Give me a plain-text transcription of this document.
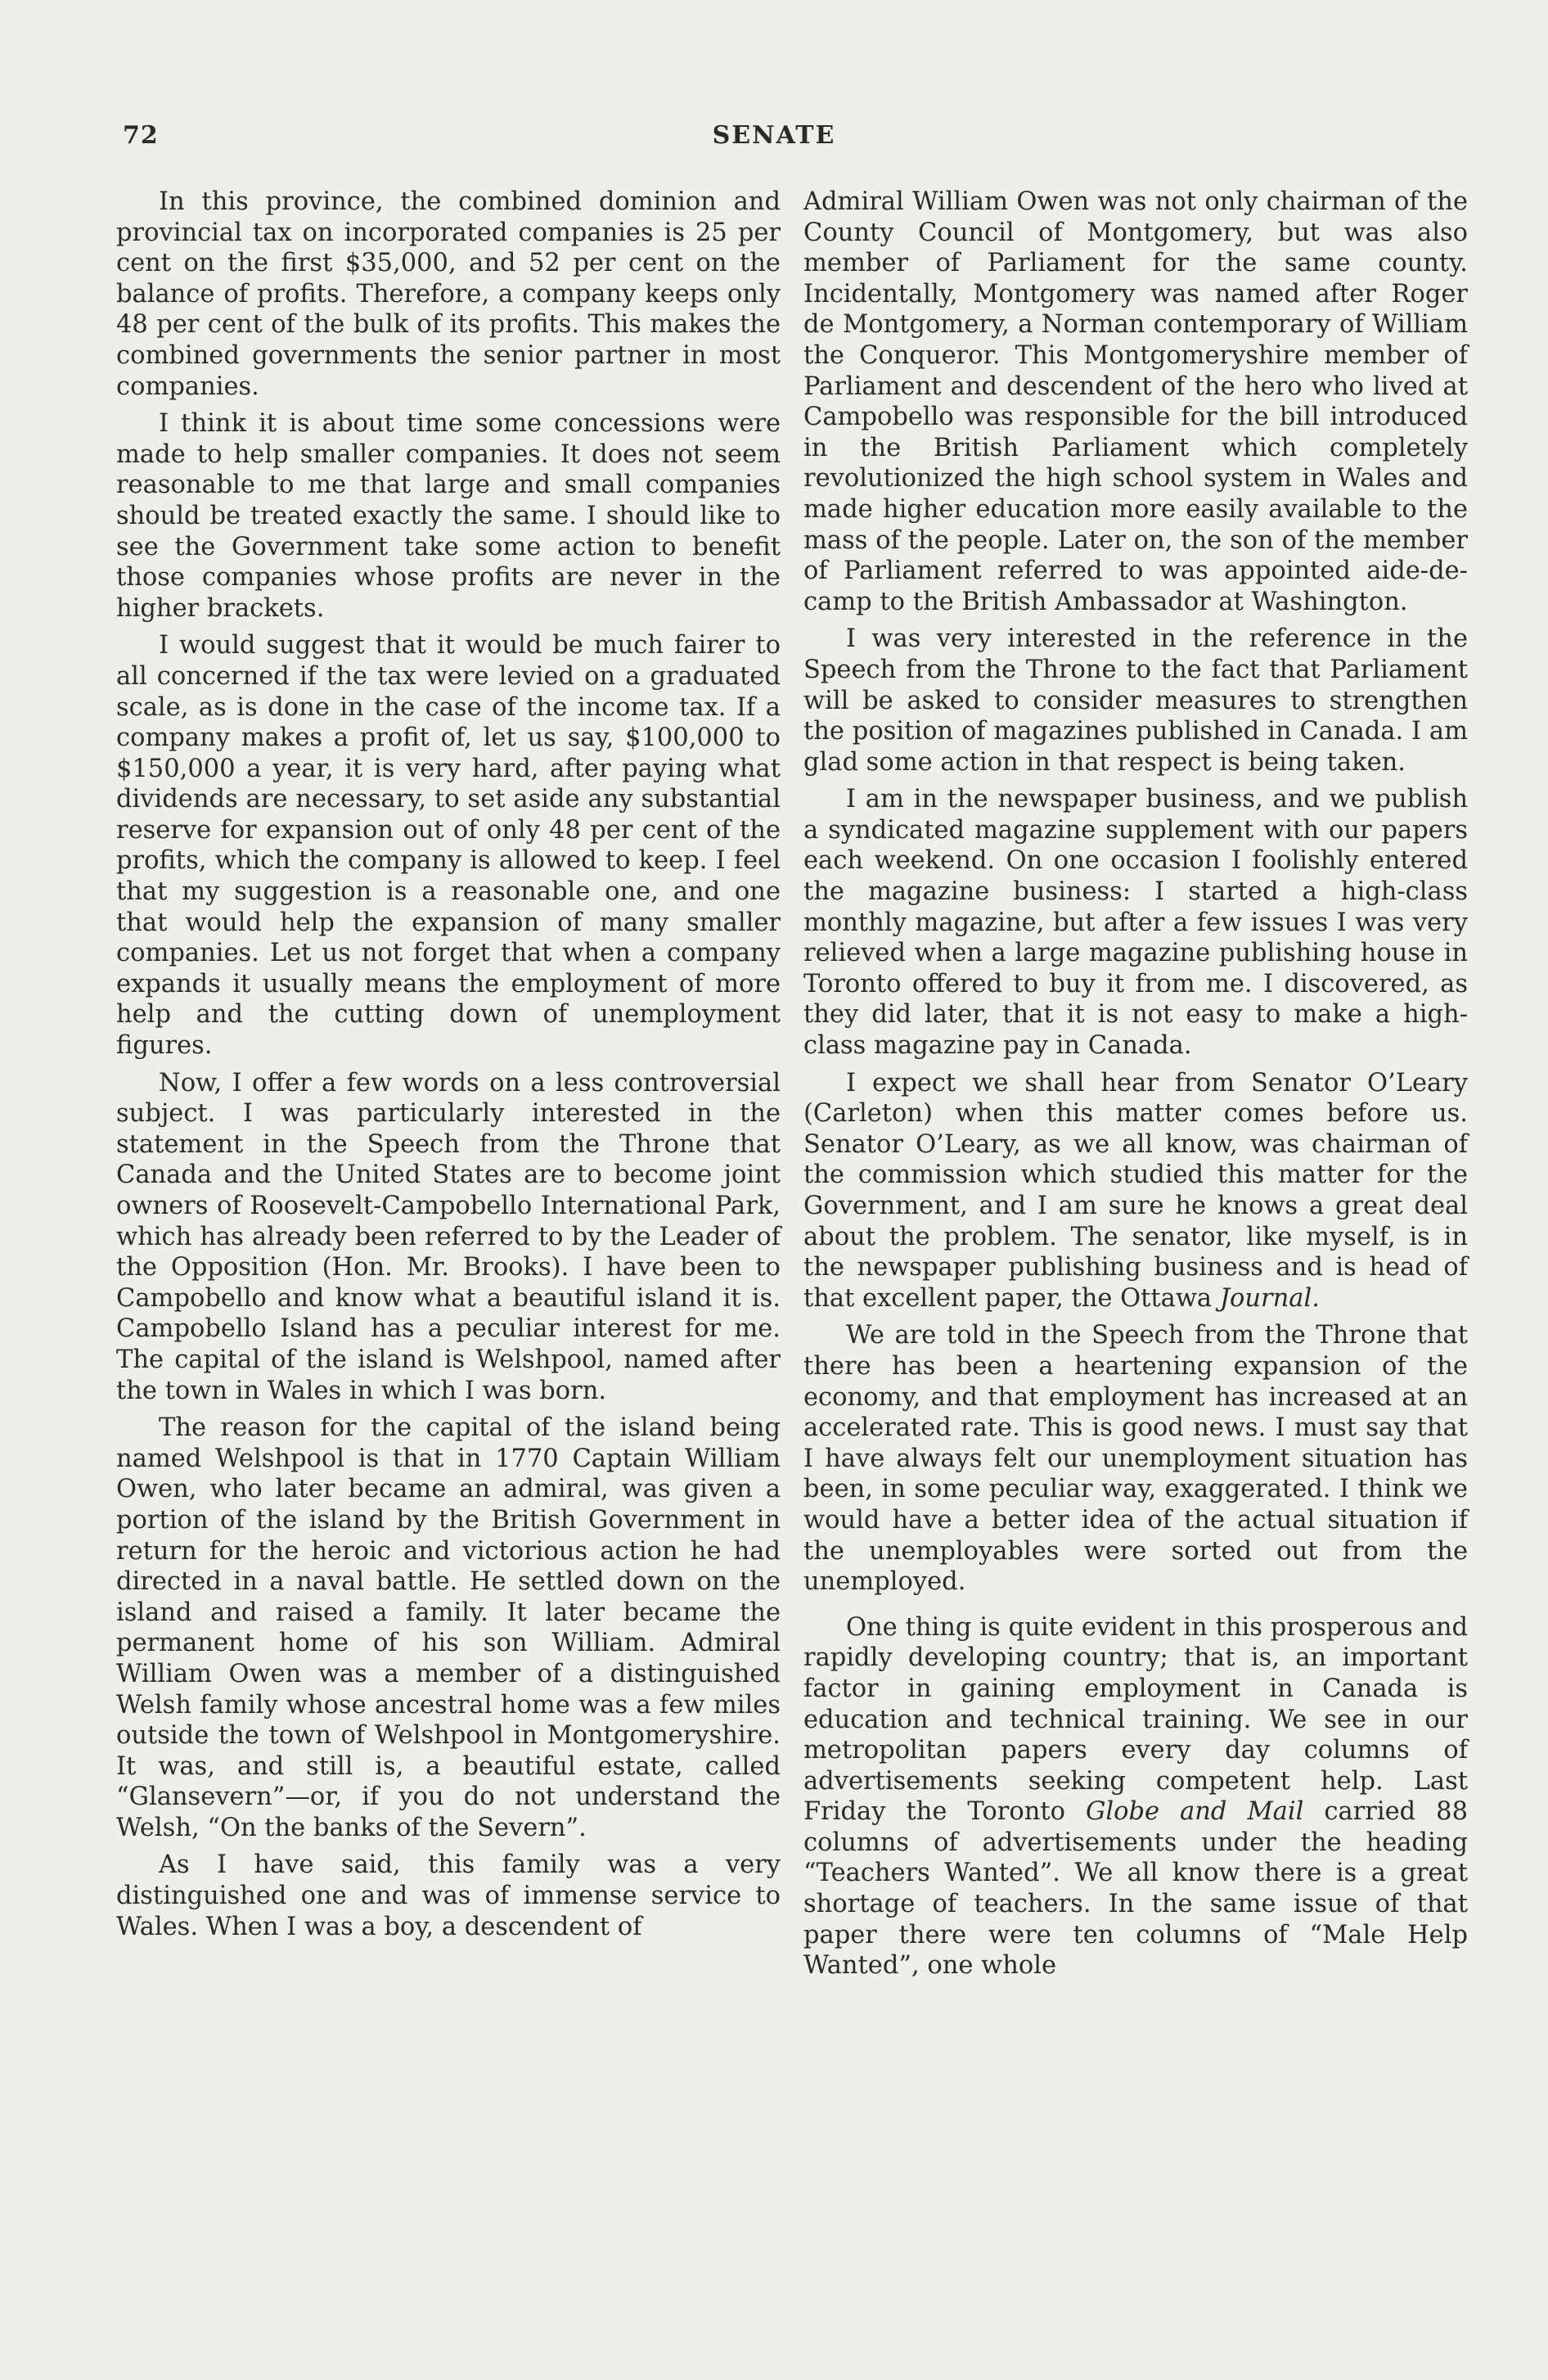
72	SENATE

In this province, the combined dominion and provincial tax on incorporated companies is 25 per cent on the first $35,000, and 52 per cent on the balance of profits. Therefore, a company keeps only 48 per cent of the bulk of its profits. This makes the combined governments the senior partner in most companies.

I think it is about time some concessions were made to help smaller companies. It does not seem reasonable to me that large and small companies should be treated exactly the same. I should like to see the Government take some action to benefit those companies whose profits are never in the higher brackets.

I would suggest that it would be much fairer to all concerned if the tax were levied on a graduated scale, as is done in the case of the income tax. If a company makes a profit of, let us say, $100,000 to $150,000 a year, it is very hard, after paying what dividends are necessary, to set aside any substantial reserve for expansion out of only 48 per cent of the profits, which the company is allowed to keep. I feel that my suggestion is a reasonable one, and one that would help the expansion of many smaller companies. Let us not forget that when a company expands it usually means the employment of more help and the cutting down of unemployment figures.

Now, I offer a few words on a less controversial subject. I was particularly interested in the statement in the Speech from the Throne that Canada and the United States are to become joint owners of Roosevelt-Campobello International Park, which has already been referred to by the Leader of the Opposition (Hon. Mr. Brooks). I have been to Campobello and know what a beautiful island it is. Campobello Island has a peculiar interest for me. The capital of the island is Welshpool, named after the town in Wales in which I was born.

The reason for the capital of the island being named Welshpool is that in 1770 Captain William Owen, who later became an admiral, was given a portion of the island by the British Government in return for the heroic and victorious action he had directed in a naval battle. He settled down on the island and raised a family. It later became the permanent home of his son William. Admiral William Owen was a member of a distinguished Welsh family whose ancestral home was a few miles outside the town of Welshpool in Montgomeryshire. It was, and still is, a beautiful estate, called “Glansevern”—or, if you do not understand the Welsh, “On the banks of the Severn”.

As I have said, this family was a very distinguished one and was of immense service to Wales. When I was a boy, a descendent of

Admiral William Owen was not only chairman of the County Council of Montgomery, but was also member of Parliament for the same county. Incidentally, Montgomery was named after Roger de Montgomery, a Norman contemporary of William the Conqueror. This Montgomeryshire member of Parliament and descendent of the hero who lived at Campobello was responsible for the bill introduced in the British Parliament which completely revolutionized the high school system in Wales and made higher education more easily available to the mass of the people. Later on, the son of the member of Parliament referred to was appointed aide-de-camp to the British Ambassador at Washington.

I was very interested in the reference in the Speech from the Throne to the fact that Parliament will be asked to consider measures to strengthen the position of magazines published in Canada. I am glad some action in that respect is being taken.

I am in the newspaper business, and we publish a syndicated magazine supplement with our papers each weekend. On one occasion I foolishly entered the magazine business: I started a high-class monthly magazine, but after a few issues I was very relieved when a large magazine publishing house in Toronto offered to buy it from me. I discovered, as they did later, that it is not easy to make a high-class magazine pay in Canada.

I expect we shall hear from Senator O’Leary (Carleton) when this matter comes before us. Senator O’Leary, as we all know, was chairman of the commission which studied this matter for the Government, and I am sure he knows a great deal about the problem. The senator, like myself, is in the newspaper publishing business and is head of that excellent paper, the Ottawa Journal.

We are told in the Speech from the Throne that there has been a heartening expansion of the economy, and that employment has increased at an accelerated rate. This is good news. I must say that I have always felt our unemployment situation has been, in some peculiar way, exaggerated. I think we would have a better idea of the actual situation if the unemployables were sorted out from the unemployed.

One thing is quite evident in this prosperous and rapidly developing country; that is, an important factor in gaining employment in Canada is education and technical training. We see in our metropolitan papers every day columns of advertisements seeking competent help. Last Friday the Toronto Globe and Mail carried 88 columns of advertisements under the heading “Teachers Wanted”. We all know there is a great shortage of teachers. In the same issue of that paper there were ten columns of “Male Help Wanted”, one whole
